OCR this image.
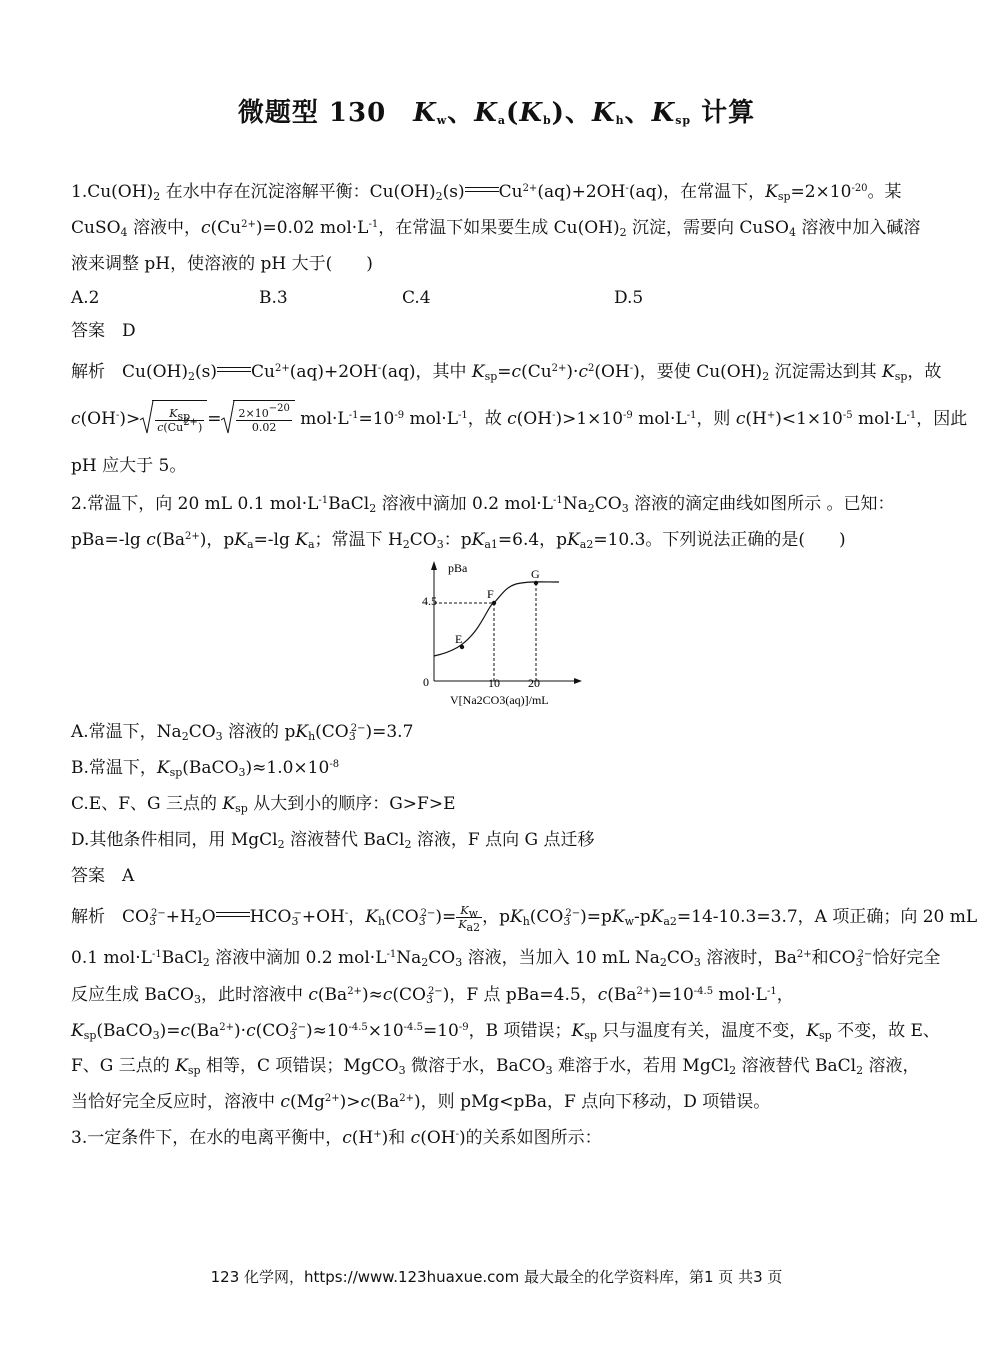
微题型 130　$K_w$、$K_a(K_b)$、$K_h$、$K_{sp}$ 计算
$1.Cu(OH)_2$ 在水中存在沉淀溶解平衡：$Cu(OH)_2(s)$ $Cu^{2+}(aq)+2OH^-(aq)$，在常温下，$K_{sp}=2\times 10^{-20}$。某
CuSO$_4$ 溶液中，$c(Cu^{2+})=0.02$ $mol\cdot L^{-1}$，在常温下如果要生成 $Cu(OH)_2$ 沉淀，需要向 CuSO$_4$ 溶液中加入碱溶
液来调整 pH，使溶液的 pH 大于(　　)
A.2	B.3	C.4	D.5
答案　D
解析　$Cu(OH)_2(s)$ $Cu^{2+}(aq)+2OH^-(aq)$，其中 $K_{sp}=c(Cu^{2+})\cdot c^2(OH^-)$，要使 $Cu(OH)_2$ 沉淀需达到其 $K_{sp}$，故
$c(OH^-)> \frac{K_{sp}}{c(Cu^{2+})} = \frac{2\times 10^{-20}}{0.02} mol\cdot L^{-1}=10^{-9}$ $mol\cdot L^{-1}$，故 $c(OH^-)>1\times 10^{-9}$ $mol\cdot L^{-1}$，则 $c(H^+)<1\times 10^{-5}$ $mol\cdot L^{-1}$，因此
pH 应大于 5。
2.常温下，向 20 mL 0.1 $mol\cdot L^{-1}BaCl_2$ 溶液中滴加 0.2 $mol\cdot L^{-1}Na_2CO_3$ 溶液的滴定曲线如图所示 。已知：
pBa=-lg $c(Ba^{2+})$，$pK_a=-\lg$ $K_a$；常温下 $H_2CO_3$：$pK_{a1}=6.4$，$pK_{a2}=10.3$。下列说法正确的是(　　)
pBa
4.5
0	10 20
E
F
G
V[Na2CO3(aq)]/mL
A.常温下，$Na_2CO_3$ 溶液的 $pK_h(CO_3^{2-})=3.7$
B.常温下，$K_{sp}(BaCO_3)\approx 1.0\times 10^{-8}$
C.E、F、G 三点的 $K_{sp}$ 从大到小的顺序：G>F>E
D.其他条件相同，用 MgCl$_2$ 溶液替代 BaCl$_2$ 溶液，F 点向 G 点迁移
答案　A
解析　$CO_3^{2-}+H_2O$ $HCO_3^-+OH^-$，$K_h(CO_3^{2-})= \frac{K_w}{K_{a2}}$ ，$pK_h(CO_3^{2-})=pK_w-pK_{a2}=14-10.3=3.7$，A 项正确；向 20 mL
0.1 $mol\cdot L^{-1}BaCl_2$ 溶液中滴加 0.2 $mol\cdot L^{-1}Na_2CO_3$ 溶液，当加入 10 mL $Na_2CO_3$ 溶液时，$Ba^{2+}$和$CO_3^{2-}$恰好完全
反应生成 BaCO$_3$，此时溶液中 $c(Ba^{2+})\approx c(CO_3^{2-})$，F 点 pBa=4.5，$c(Ba^{2+})=10^{-4.5}$ $mol\cdot L^{-1}$，
$K_{sp}(BaCO_3)=c(Ba^{2+})\cdot c(CO_3^{2-})\approx 10^{-4.5}\times 10^{-4.5}=10^{-9}$，B 项错误；$K_{sp}$ 只与温度有关，温度不变，$K_{sp}$ 不变，故 E、
F、G 三点的 $K_{sp}$ 相等，C 项错误；MgCO$_3$ 微溶于水，BaCO$_3$ 难溶于水，若用 MgCl$_2$ 溶液替代 BaCl$_2$ 溶液，
当恰好完全反应时，溶液中 $c(Mg^{2+})>c(Ba^{2+})$，则 pMg<pBa，F 点向下移动，D 项错误。
3.一定条件下，在水的电离平衡中，c(H+)和 c(OH-)的关系如图所示：
123 化学网，https://www.123huaxue.com 最大最全的化学资料库，第1 页 共3 页
